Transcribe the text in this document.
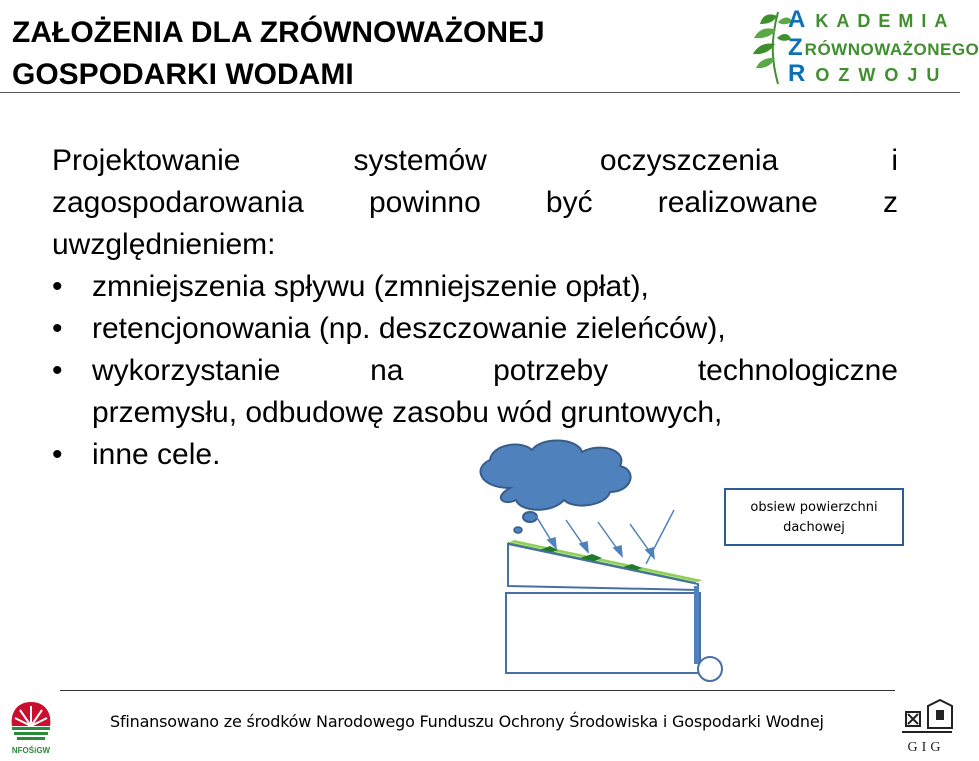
ZAŁOŻENIA DLA ZRÓWNOWAŻONEJ
GOSPODARKI WODAMI
A KADEMIA
Z RÓWNOWAŻONEGO
R OZWOJU

Projektowanie systemów oczyszczenia i
zagospodarowania powinno być realizowane z
uwzględnieniem:

• zmniejszenia spływu (zmniejszenie opłat),
• retencjonowania (np. deszczowanie zieleńców),
• wykorzystanie na potrzeby technologiczne
przemysłu, odbudowę zasobu wód gruntowych,
• inne cele.
obsiew powierzchni dachowej
NFOŚiGW
Sfinansowano ze środków Narodowego Funduszu Ochrony Środowiska i Gospodarki Wodnej
GIG
